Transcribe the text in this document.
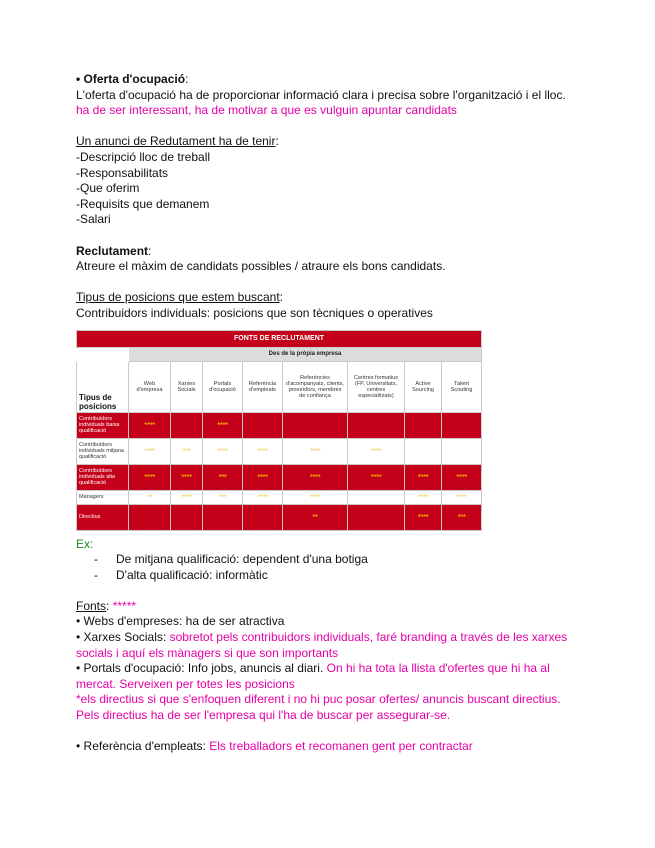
• Oferta d'ocupació:
L'oferta d'ocupació ha de proporcionar informació clara i precisa sobre l'organització i el lloc.
ha de ser interessant, ha de motivar a que es vulguin apuntar candidats
Un anunci de Redutament ha de tenir:
-Descripció lloc de treball
-Responsabilitats
-Que oferim
-Requisits que demanem
-Salari
Reclutament:
Atreure el màxim de candidats possibles / atraure els bons candidats.
Tipus de posicions que estem buscant:
Contribuidors individuals: posicions que son tècniques o operatives
FONTS DE RECLUTAMENT								
	Des de la pròpia empresa							
Tipus de posicions	Web d'empresa	Xarxes Socials	Portals d'ocupació	Referència d'empleats	Referències d'acompanyats, clients, proveïdors, membres de confiança	Centres formatius (FP, Universitats, centres especialitzats)	Active Sourcing	Talent Scouting
Contribuïdors individuals baixa qualificació	****		****					
Contribuïdors individuals mitjana qualificació	****	***	****	****	****	****		
Contribuïdors individuals alta qualificació	****	****	***	****	****	****	****	****
Managers	**	****	***	****	****		****	****
Directius					**		****	***
Ex:
- De mitjana qualificació: dependent d'una botiga
- D'alta qualificació: informàtic
Fonts: *****
• Webs d'empreses: ha de ser atractiva
• Xarxes Socials: sobretot pels contribuidors individuals, faré branding a través de les xarxes
socials i aquí els mànagers si que son importants
• Portals d'ocupació: Info jobs, anuncis al diari. On hi ha tota la llista d'ofertes que hi ha al
mercat. Serveixen per totes les posicions
*els directius si que s'enfoquen diferent i no hi puc posar ofertes/ anuncis buscant directius.
Pels directius ha de ser l'empresa qui l'ha de buscar per assegurar-se.
• Referència d'empleats: Els treballadors et recomanen gent per contractar
